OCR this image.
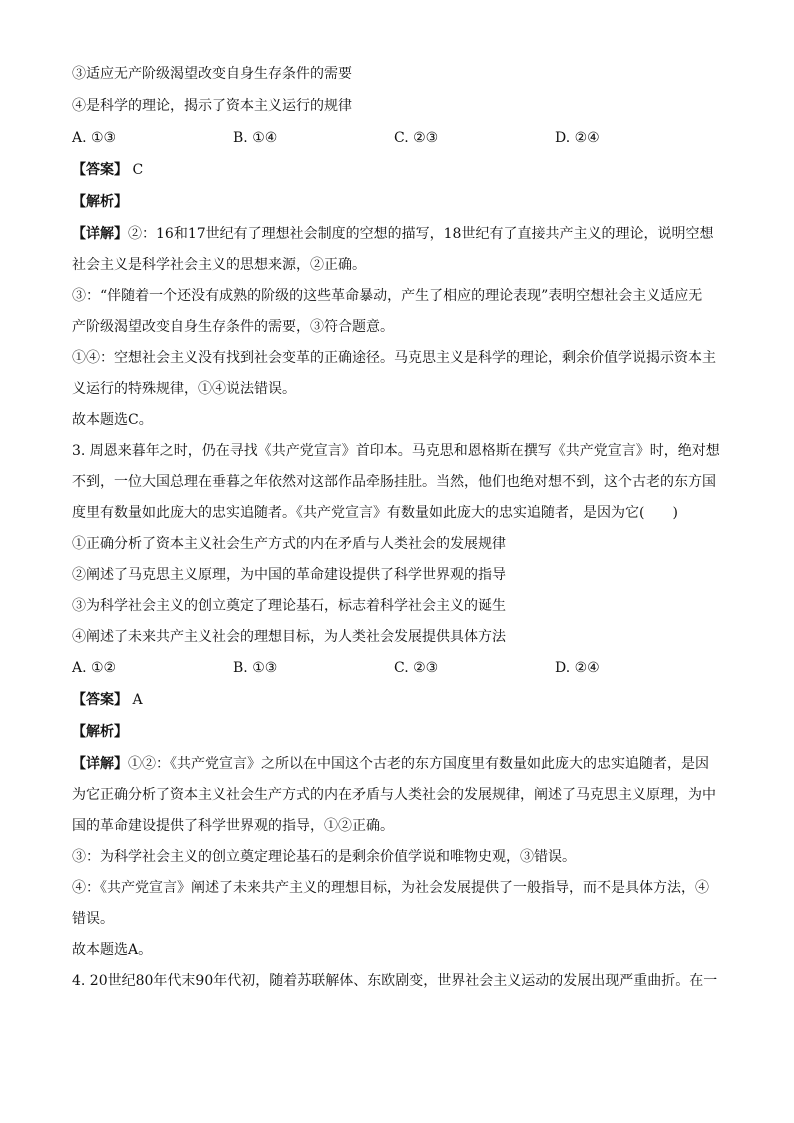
③适应无产阶级渴望改变自身生存条件的需要
④是科学的理论，揭示了资本主义运行的规律
A. ①③	B. ①④	C. ②③	D. ②④
【答案】 C
【解析】
【详解】②：16和17世纪有了理想社会制度的空想的描写，18世纪有了直接共产主义的理论，说明空想
社会主义是科学社会主义的思想来源，②正确。
③：“伴随着一个还没有成熟的阶级的这些革命暴动，产生了相应的理论表现”表明空想社会主义适应无
产阶级渴望改变自身生存条件的需要，③符合题意。
①④：空想社会主义没有找到社会变革的正确途径。马克思主义是科学的理论，剩余价值学说揭示资本主
义运行的特殊规律，①④说法错误。
故本题选C。
3. 周恩来暮年之时，仍在寻找《共产党宣言》首印本。马克思和恩格斯在撰写《共产党宣言》时，绝对想
不到，一位大国总理在垂暮之年依然对这部作品牵肠挂肚。当然，他们也绝对想不到，这个古老的东方国
度里有数量如此庞大的忠实追随者。《共产党宣言》有数量如此庞大的忠实追随者，是因为它(　　)
①正确分析了资本主义社会生产方式的内在矛盾与人类社会的发展规律
②阐述了马克思主义原理，为中国的革命建设提供了科学世界观的指导
③为科学社会主义的创立奠定了理论基石，标志着科学社会主义的诞生
④阐述了未来共产主义社会的理想目标，为人类社会发展提供具体方法
A. ①②	B. ①③	C. ②③	D. ②④
【答案】 A
【解析】
【详解】①②：《共产党宣言》之所以在中国这个古老的东方国度里有数量如此庞大的忠实追随者，是因
为它正确分析了资本主义社会生产方式的内在矛盾与人类社会的发展规律，阐述了马克思主义原理，为中
国的革命建设提供了科学世界观的指导，①②正确。
③：为科学社会主义的创立奠定理论基石的是剩余价值学说和唯物史观，③错误。
④：《共产党宣言》阐述了未来共产主义的理想目标，为社会发展提供了一般指导，而不是具体方法，④
错误。
故本题选A。
4. 20世纪80年代末90年代初，随着苏联解体、东欧剧变，世界社会主义运动的发展出现严重曲折。在一
